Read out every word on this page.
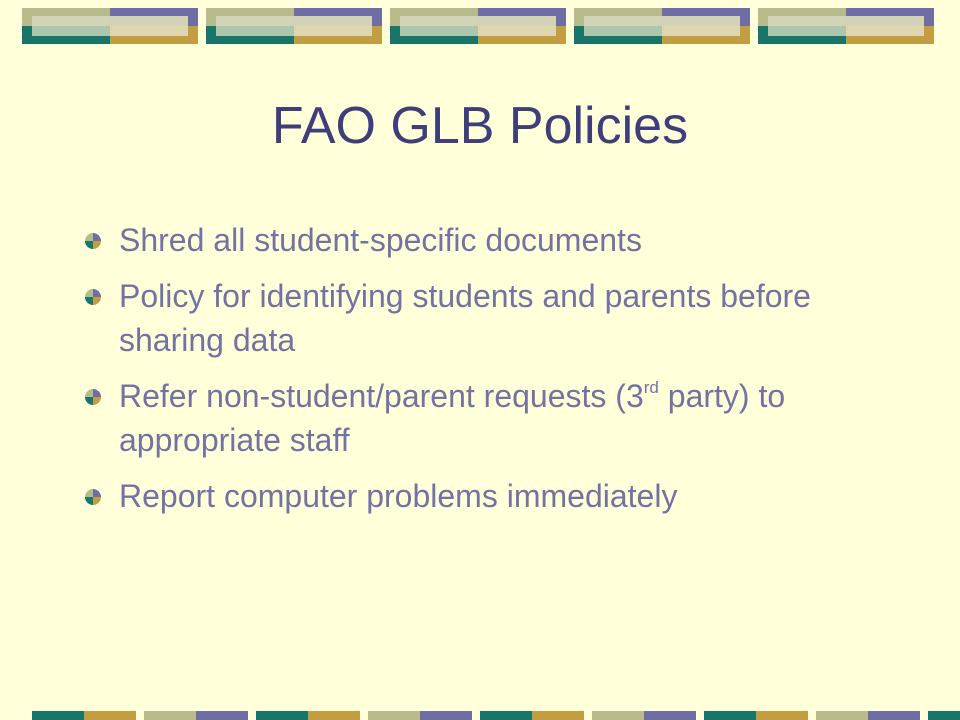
FAO GLB Policies
Shred all student-specific documents
Policy for identifying students and parents before sharing data
Refer non-student/parent requests (3rd party) to appropriate staff
Report computer problems immediately
